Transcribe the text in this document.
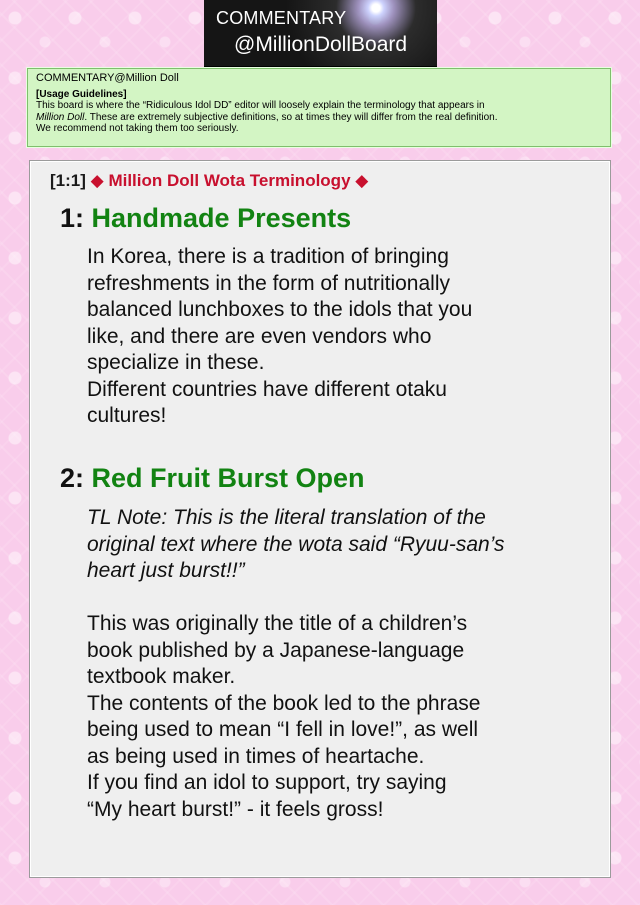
COMMENTARY
@MillionDollBoard
COMMENTARY@Million Doll
[Usage Guidelines]
This board is where the “Ridiculous Idol DD” editor will loosely explain the terminology that appears in
Million Doll. These are extremely subjective definitions, so at times they will differ from the real definition.
We recommend not taking them too seriously.
[1:1] ◆ Million Doll Wota Terminology ◆
1: Handmade Presents

In Korea, there is a tradition of bringing

refreshments in the form of nutritionally

balanced lunchboxes to the idols that you

like, and there are even vendors who

specialize in these.

Different countries have different otaku

cultures!

2: Red Fruit Burst Open

TL Note: This is the literal translation of the

original text where the wota said “Ryuu-san’s

heart just burst!!”

This was originally the title of a children’s

book published by a Japanese-language

textbook maker.

The contents of the book led to the phrase

being used to mean “I fell in love!”, as well

as being used in times of heartache.

If you find an idol to support, try saying

“My heart burst!” - it feels gross!
